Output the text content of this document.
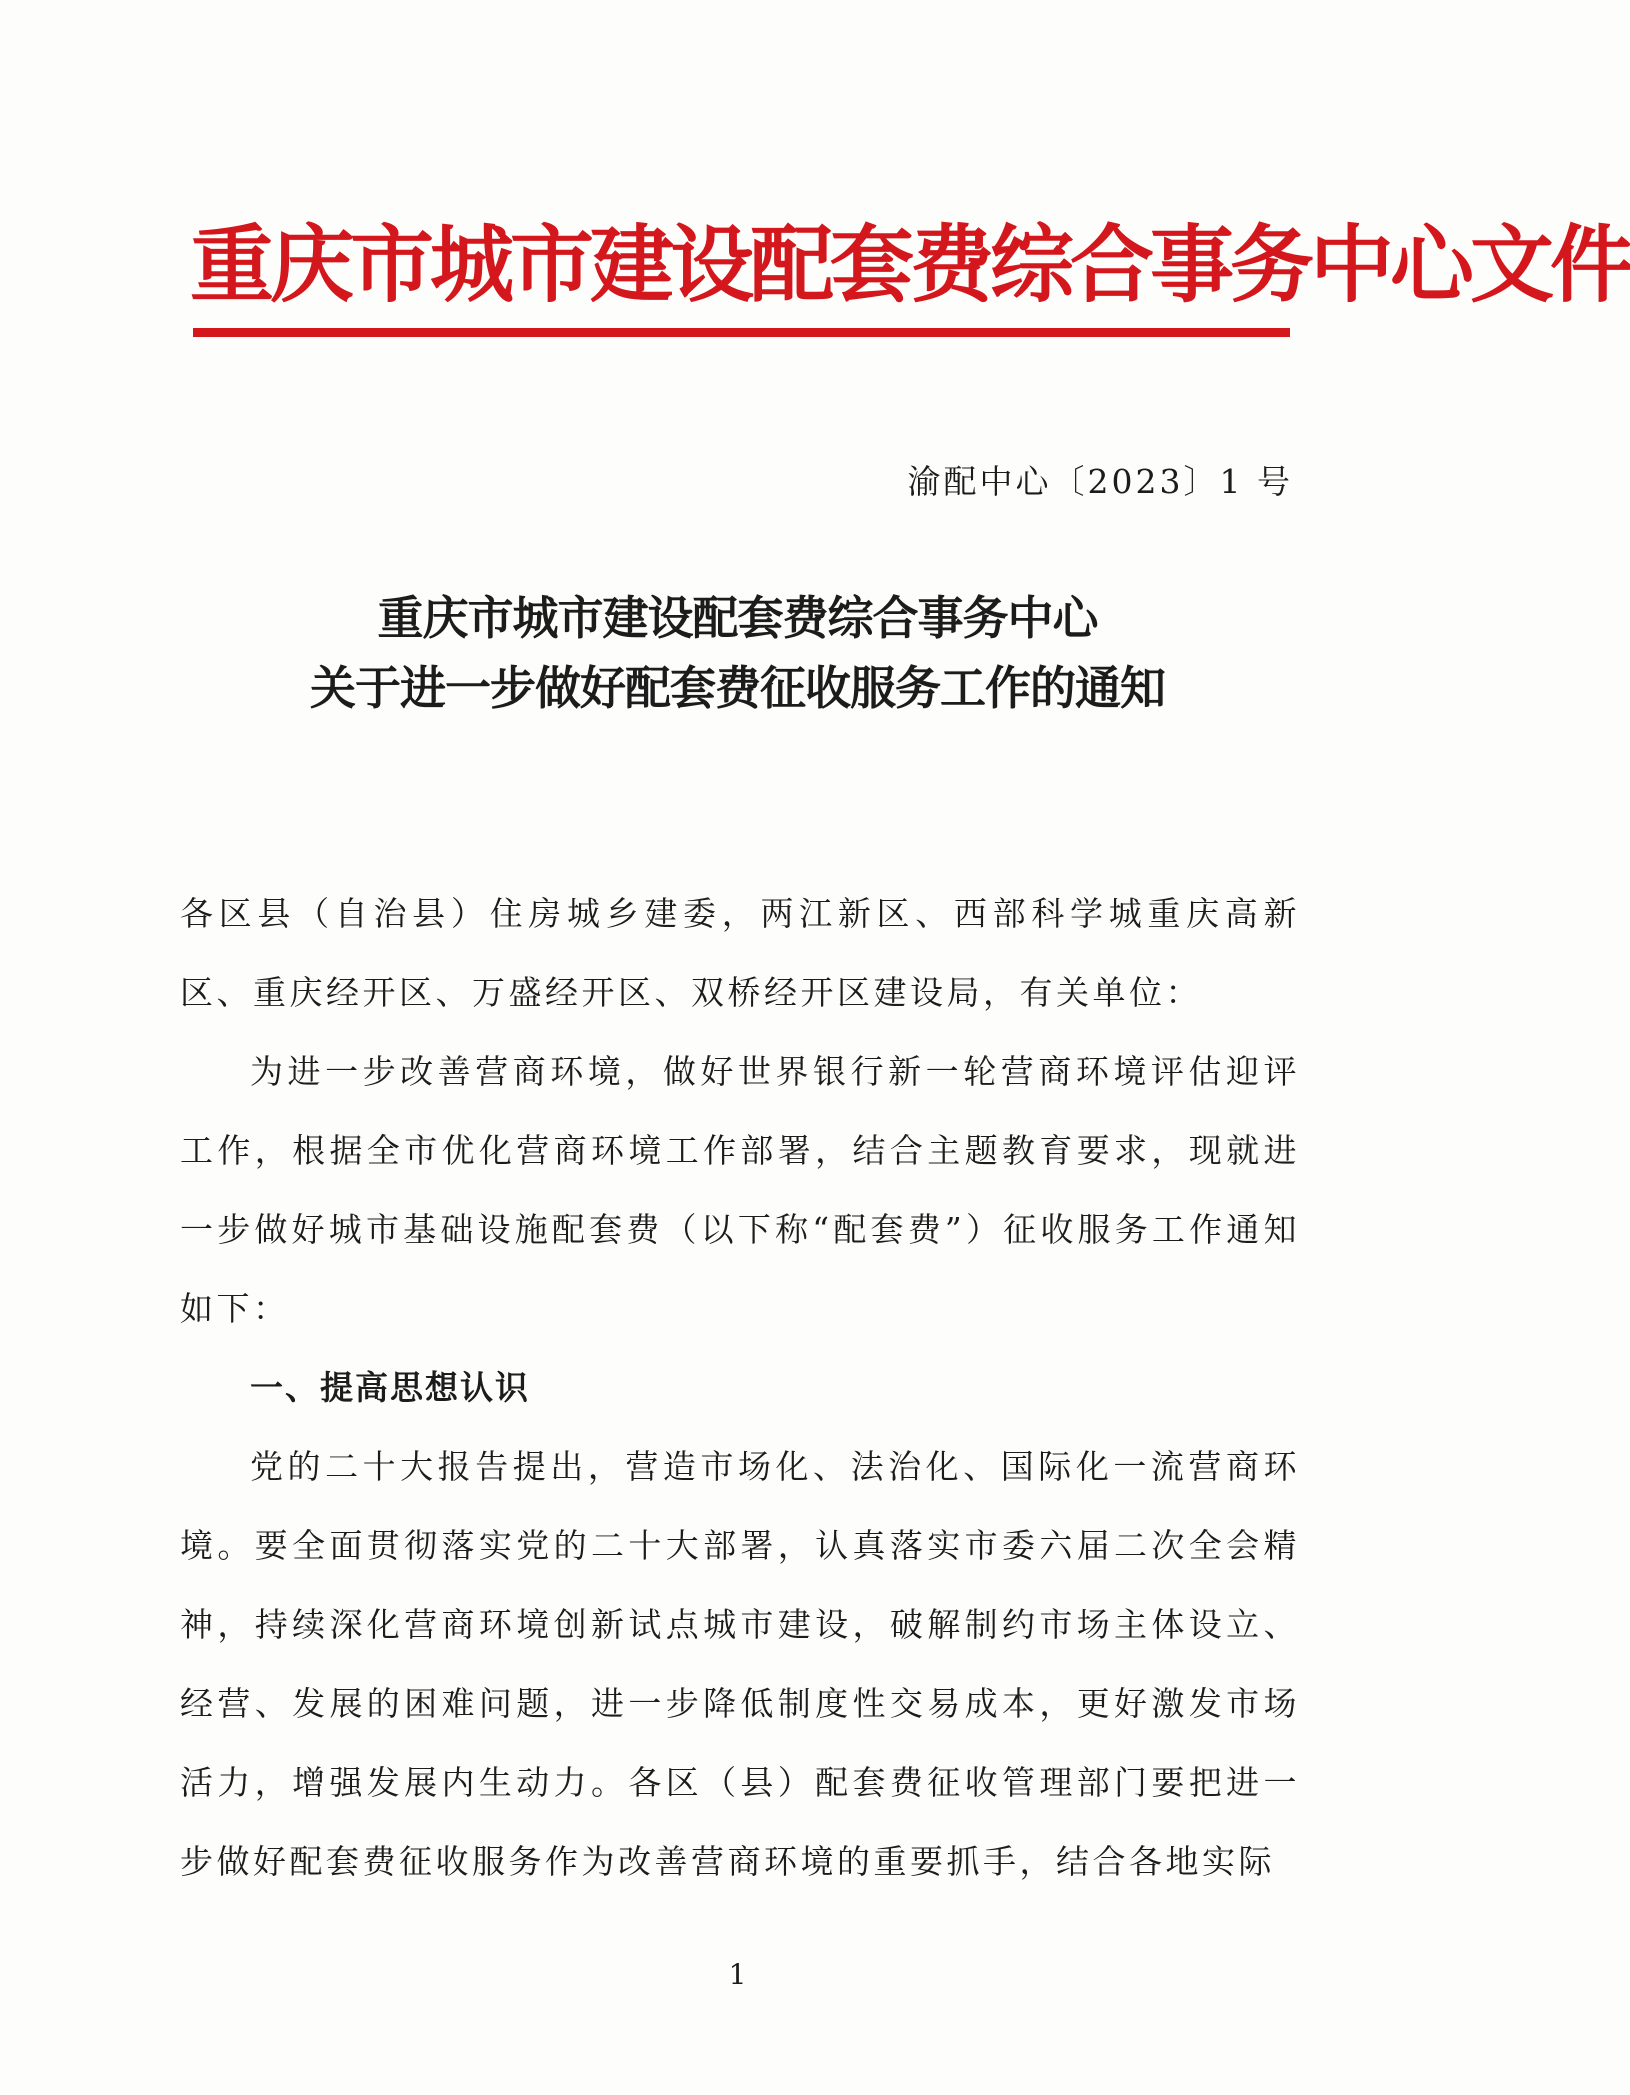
重庆市城市建设配套费综合事务中心文件
渝配中心〔2023〕1 号
重庆市城市建设配套费综合事务中心
关于进一步做好配套费征收服务工作的通知

各区县（自治县）住房城乡建委，两江新区、西部科学城重庆高新区、重庆经开区、万盛经开区、双桥经开区建设局，有关单位：

为进一步改善营商环境，做好世界银行新一轮营商环境评估迎评工作，根据全市优化营商环境工作部署，结合主题教育要求，现就进一步做好城市基础设施配套费（以下称“配套费”）征收服务工作通知如下：

一、提高思想认识

党的二十大报告提出，营造市场化、法治化、国际化一流营商环境。要全面贯彻落实党的二十大部署，认真落实市委六届二次全会精神，持续深化营商环境创新试点城市建设，破解制约市场主体设立、经营、发展的困难问题，进一步降低制度性交易成本，更好激发市场活力，增强发展内生动力。各区（县）配套费征收管理部门要把进一步做好配套费征收服务作为改善营商环境的重要抓手，结合各地实际

1
